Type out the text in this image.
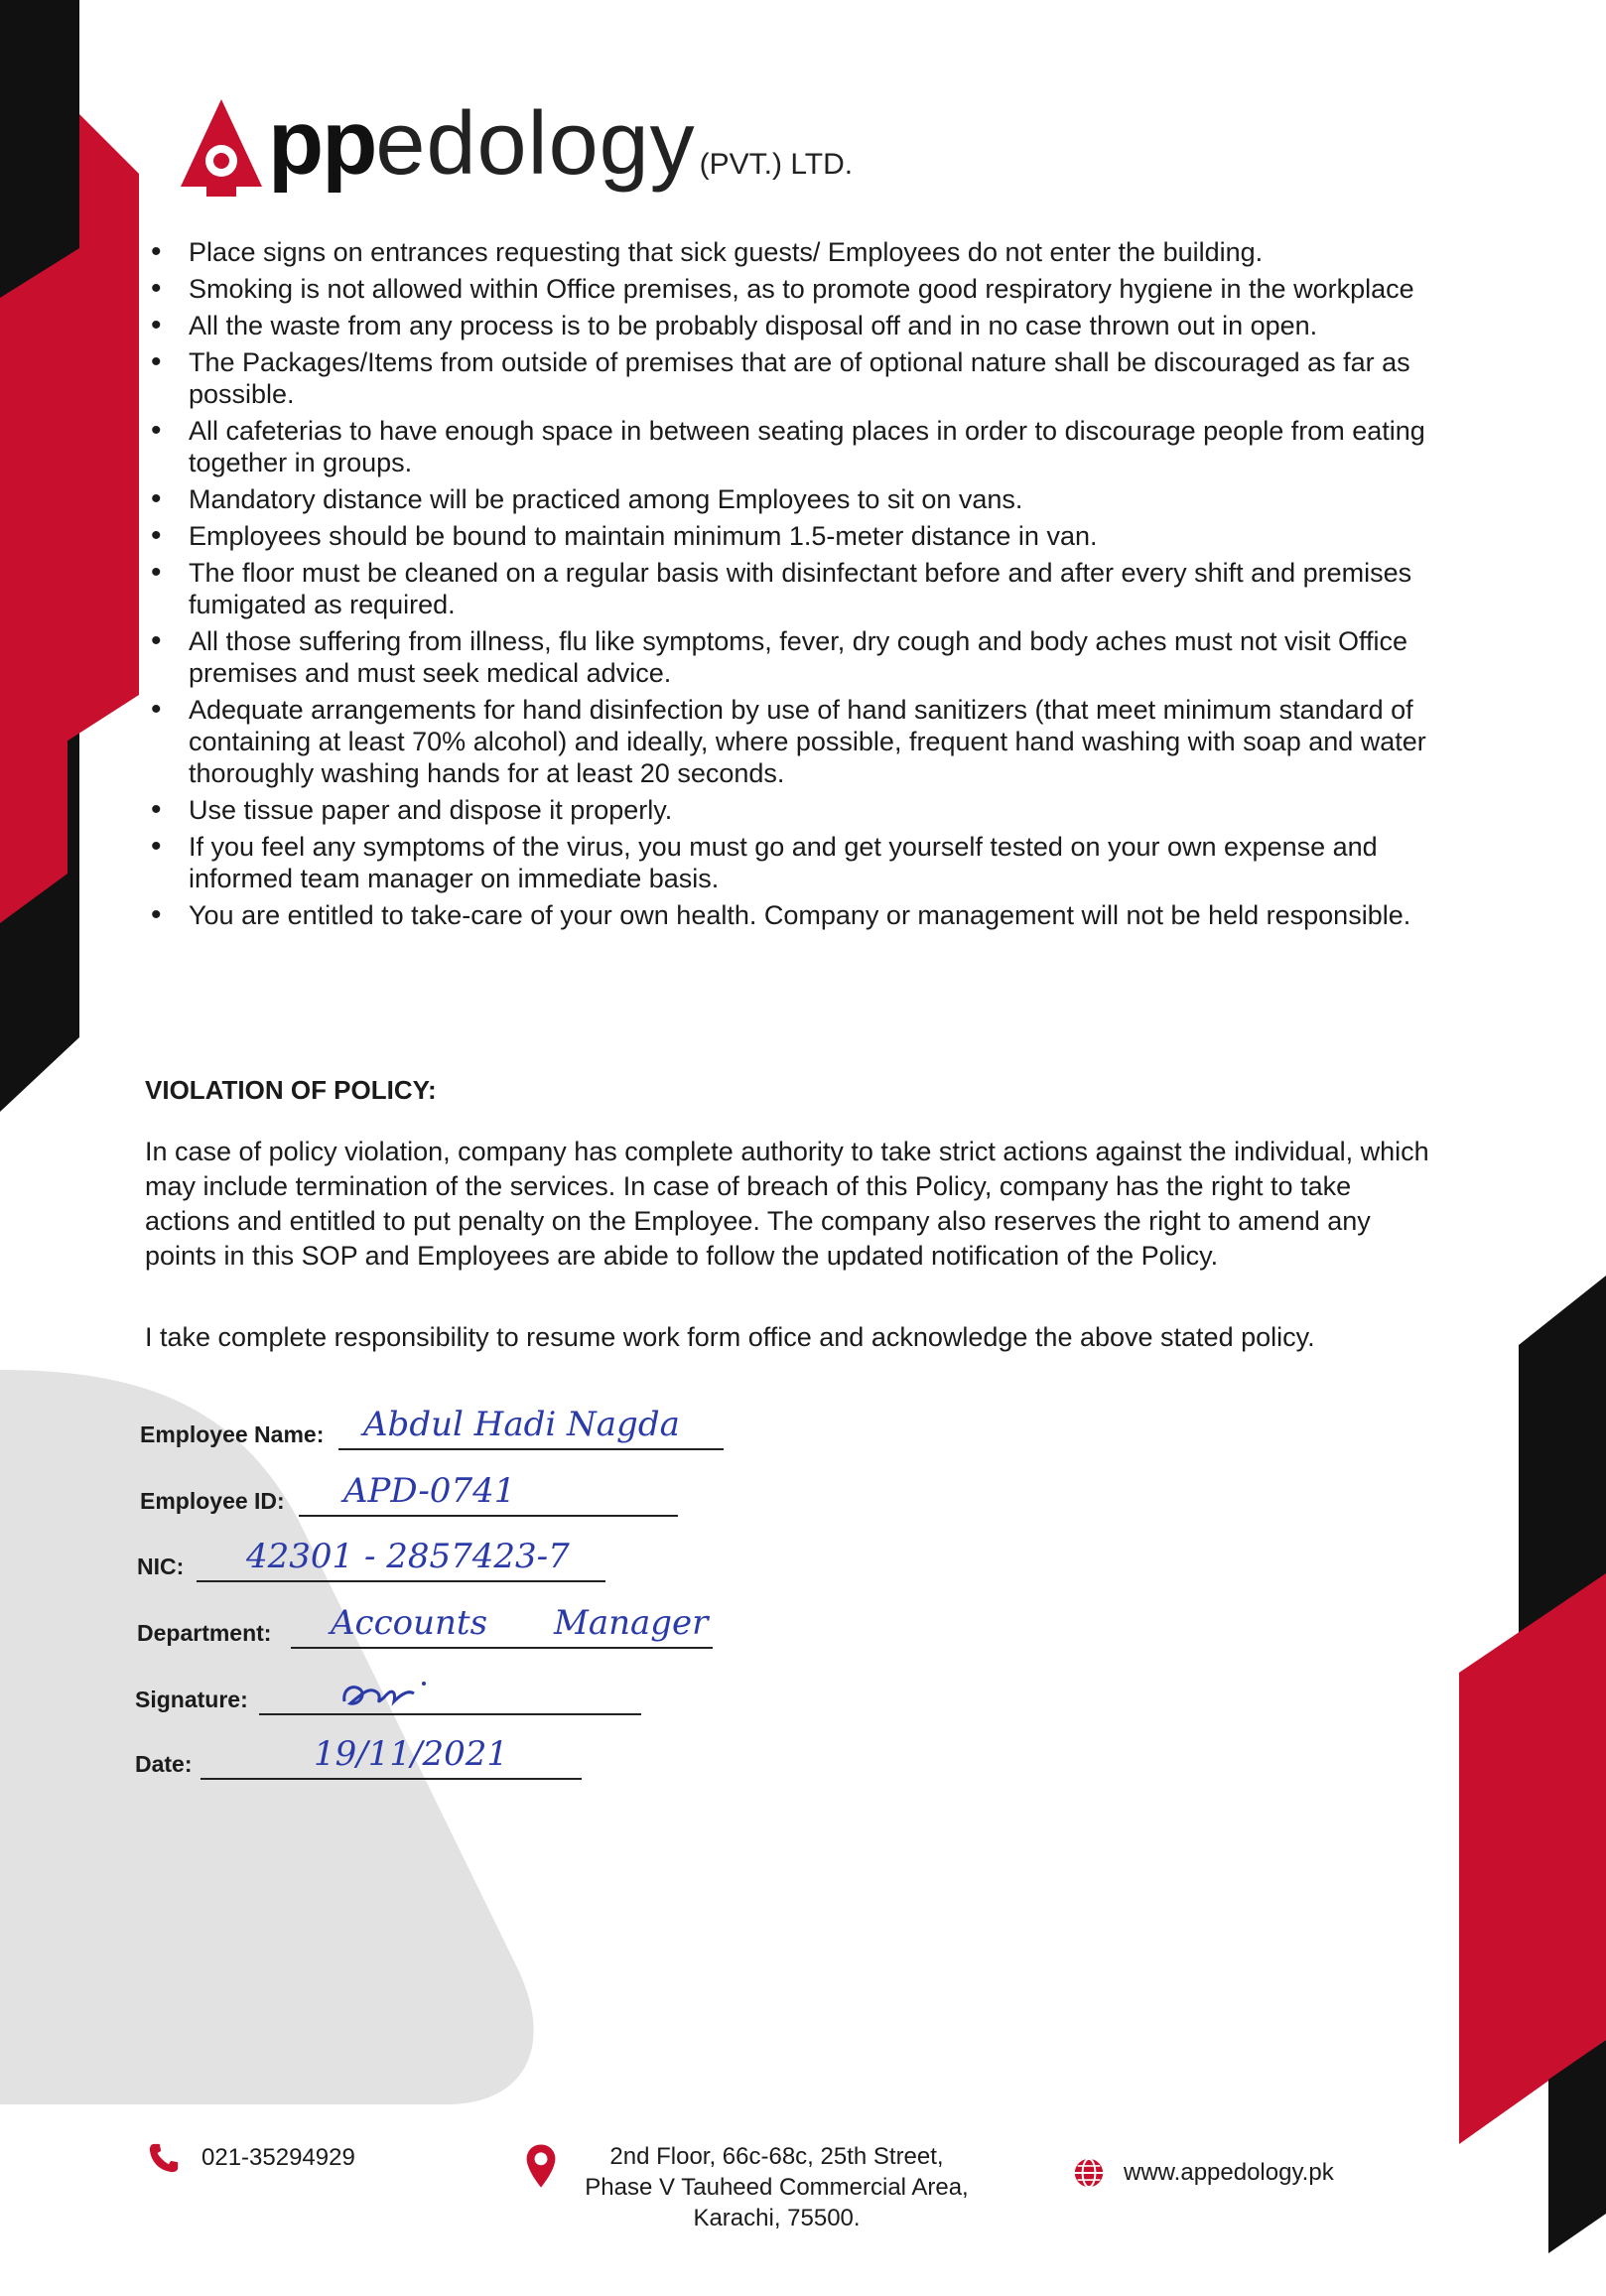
ppedology (PVT.) LTD.
• Place signs on entrances requesting that sick guests/ Employees do not enter the building.
• Smoking is not allowed within Office premises, as to promote good respiratory hygiene in the workplace
• All the waste from any process is to be probably disposal off and in no case thrown out in open.
• The Packages/Items from outside of premises that are of optional nature shall be discouraged as far as possible.
• All cafeterias to have enough space in between seating places in order to discourage people from eating together in groups.
• Mandatory distance will be practiced among Employees to sit on vans.
• Employees should be bound to maintain minimum 1.5-meter distance in van.
• The floor must be cleaned on a regular basis with disinfectant before and after every shift and premises fumigated as required.
• All those suffering from illness, flu like symptoms, fever, dry cough and body aches must not visit Office premises and must seek medical advice.
• Adequate arrangements for hand disinfection by use of hand sanitizers (that meet minimum standard of containing at least 70% alcohol) and ideally, where possible, frequent hand washing with soap and water thoroughly washing hands for at least 20 seconds.
• Use tissue paper and dispose it properly.
• If you feel any symptoms of the virus, you must go and get yourself tested on your own expense and informed team manager on immediate basis.
• You are entitled to take-care of your own health. Company or management will not be held responsible.
VIOLATION OF POLICY:

In case of policy violation, company has complete authority to take strict actions against the individual, which may include termination of the services. In case of breach of this Policy, company has the right to take actions and entitled to put penalty on the Employee. The company also reserves the right to amend any points in this SOP and Employees are abide to follow the updated notification of the Policy.

I take complete responsibility to resume work form office and acknowledge the above stated policy.

Employee Name: Abdul Hadi Nagda
Employee ID: APD-0741
NIC: 42301 - 2857423-7
Department: Accounts Manager
Signature:
Date:	19/11/2021
021-35294929	2nd Floor, 66c-68c, 25th Street,
Phase V Tauheed Commercial Area,
Karachi, 75500.
www.appedology.pk
